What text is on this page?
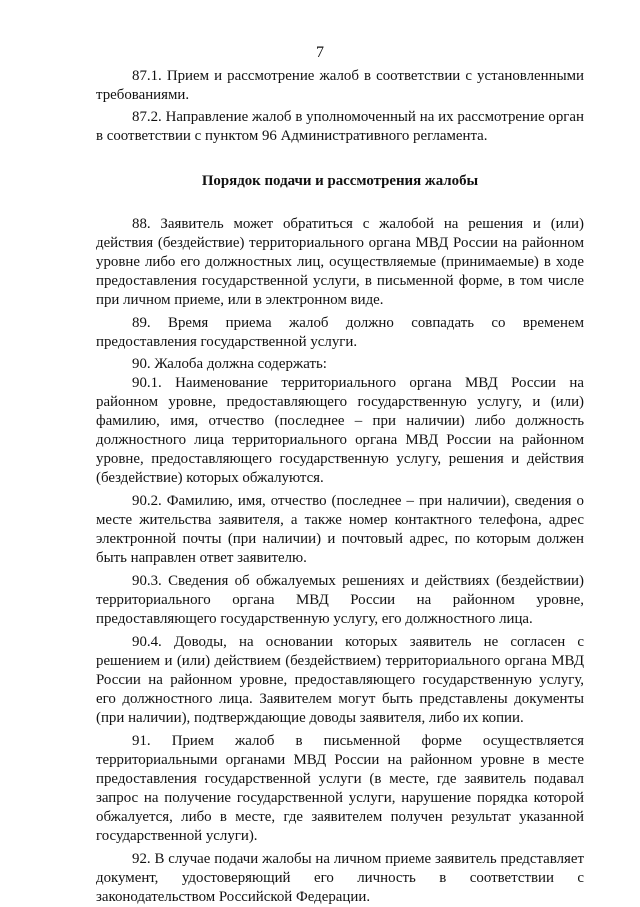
7

87.1. Прием и рассмотрение жалоб в соответствии с установленными требованиями.

87.2. Направление жалоб в уполномоченный на их рассмотрение орган в соответствии с пунктом 96 Административного регламента.

Порядок подачи и рассмотрения жалобы

88. Заявитель может обратиться с жалобой на решения и (или) действия (бездействие) территориального органа МВД России на районном уровне либо его должностных лиц, осуществляемые (принимаемые) в ходе предоставления государственной услуги, в письменной форме, в том числе при личном приеме, или в электронном виде.

89. Время приема жалоб должно совпадать со временем предоставления государственной услуги.

90. Жалоба должна содержать:

90.1. Наименование территориального органа МВД России на районном уровне, предоставляющего государственную услугу, и (или) фамилию, имя, отчество (последнее – при наличии) либо должность должностного лица территориального органа МВД России на районном уровне, предоставляющего государственную услугу, решения и действия (бездействие) которых обжалуются.

90.2. Фамилию, имя, отчество (последнее – при наличии), сведения о месте жительства заявителя, а также номер контактного телефона, адрес электронной почты (при наличии) и почтовый адрес, по которым должен быть направлен ответ заявителю.

90.3. Сведения об обжалуемых решениях и действиях (бездействии) территориального органа МВД России на районном уровне, предоставляющего государственную услугу, его должностного лица.

90.4. Доводы, на основании которых заявитель не согласен с решением и (или) действием (бездействием) территориального органа МВД России на районном уровне, предоставляющего государственную услугу, его должностного лица. Заявителем могут быть представлены документы (при наличии), подтверждающие доводы заявителя, либо их копии.

91. Прием жалоб в письменной форме осуществляется территориальными органами МВД России на районном уровне в месте предоставления государственной услуги (в месте, где заявитель подавал запрос на получение государственной услуги, нарушение порядка которой обжалуется, либо в месте, где заявителем получен результат указанной государственной услуги).

92. В случае подачи жалобы на личном приеме заявитель представляет документ, удостоверяющий его личность в соответствии с законодательством Российской Федерации.
